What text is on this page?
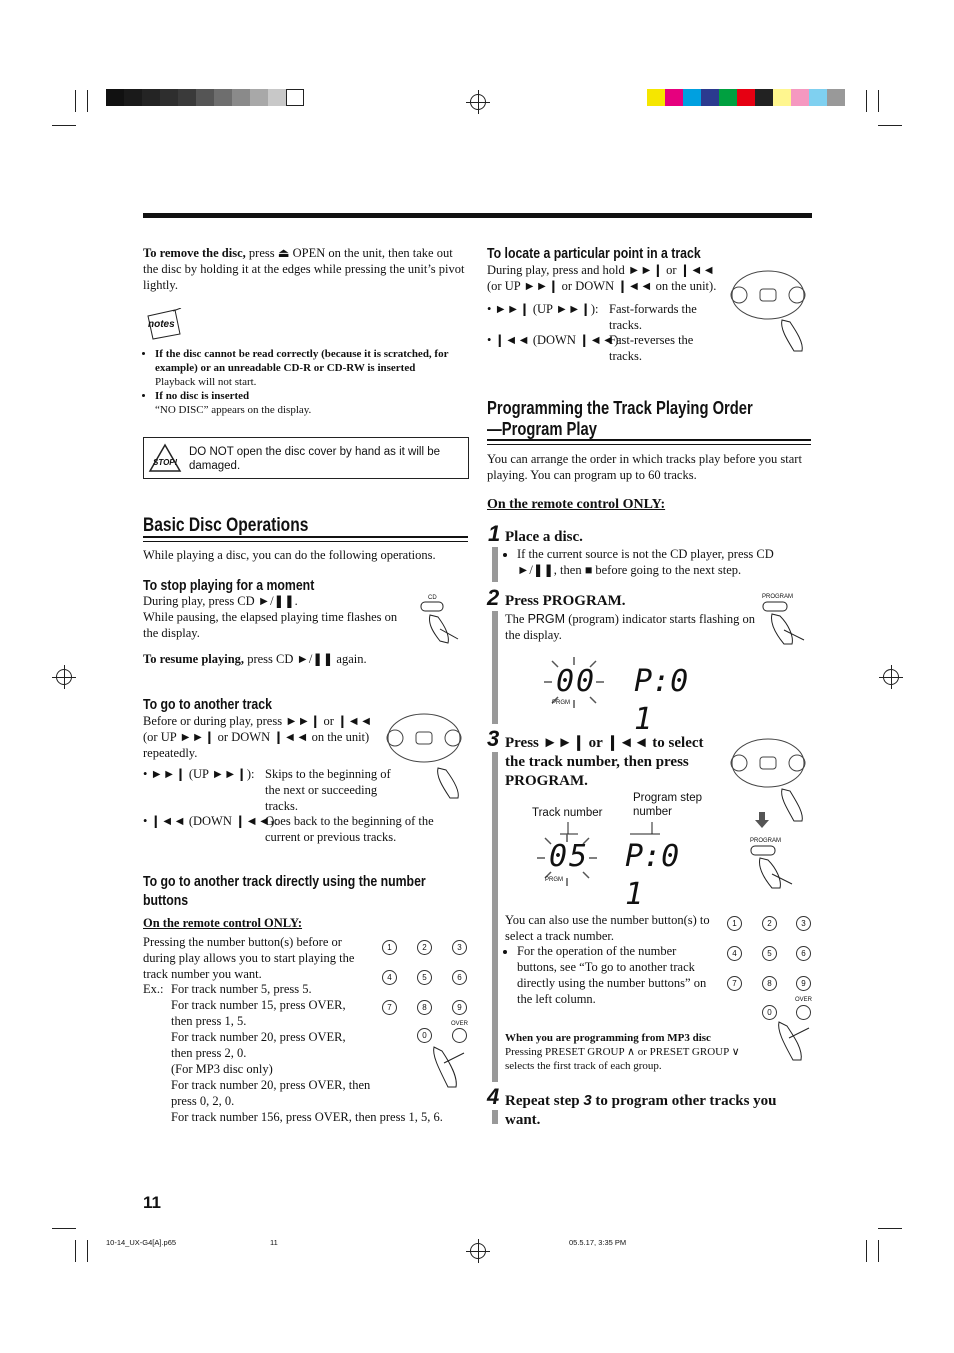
To remove the disc, press ⏏ OPEN on the unit, then take out the disc by holding it at the edges while pressing the unit’s pivot lightly.
notes
• If the disc cannot be read correctly (because it is scratched, for example) or an unreadable CD-R or CD-RW is inserted
Playback will not start.
• If no disc is inserted
“NO DISC” appears on the display.
STOP!
DO NOT open the disc cover by hand as it will be damaged.
Basic Disc Operations
While playing a disc, you can do the following operations.
To stop playing for a moment

During play, press CD ►/❚❚.

While pausing, the elapsed playing time flashes on the display.

CD
To resume playing, press CD ►/❚❚ again.
To go to another track
Before or during play, press ►►❙ or ❙◄◄ (or UP ►►❙ or DOWN ❙◄◄ on the unit) repeatedly.
• ►►❙ (UP ►►❙): Skips to the beginning of the next or succeeding tracks.
• ❙◄◄ (DOWN ❙◄◄):
Goes back to the beginning of the current or previous tracks.
To go to another track directly using the number buttons
On the remote control ONLY:
Pressing the number button(s) before or during play allows you to start playing the track number you want.
Ex.: For track number 5, press 5.

For track number 15, press OVER, then press 1, 5.

For track number 20, press OVER, then press 2, 0.

(For MP3 disc only)

For track number 20, press OVER, then press 0, 2, 0.

For track number 156, press OVER, then press 1, 5, 6.

1	2	3
4	5	6
7	8	9
0
OVER
To locate a particular point in a track
During play, press and hold ►►❙ or ❙◄◄ (or UP ►►❙ or DOWN ❙◄◄ on the unit).
• ►►❙ (UP ►►❙): Fast-forwards the tracks.
• ❙◄◄ (DOWN ❙◄◄):
Fast-reverses the tracks.
Programming the Track Playing Order
—Program Play
You can arrange the order in which tracks play before you start playing. You can program up to 60 tracks.
On the remote control ONLY:
1 Place a disc.
• If the current source is not the CD player, press CD ►/❚❚, then ■ before going to the next step.
2 Press PROGRAM.
The PRGM (program) indicator starts flashing on the display.
PROGRAM
00 P:0 1
PRGM
3 Press ►►❙ or ❙◄◄ to select the track number, then press PROGRAM.
PROGRAM
Track number
Program step number
05 P:0 1
PRGM
You can also use the number button(s) to select a track number.
• For the operation of the number buttons, see “To go to another track directly using the number buttons” on the left column.
1	2	3
4	5	6
7	8	9
0
OVER
When you are programming from MP3 disc
Pressing PRESET GROUP ∧ or PRESET GROUP ∨ selects the first track of each group.
4 Repeat step 3 to program other tracks you want.
11
10-14_UX-G4[A].p65	11	05.5.17, 3:35 PM
